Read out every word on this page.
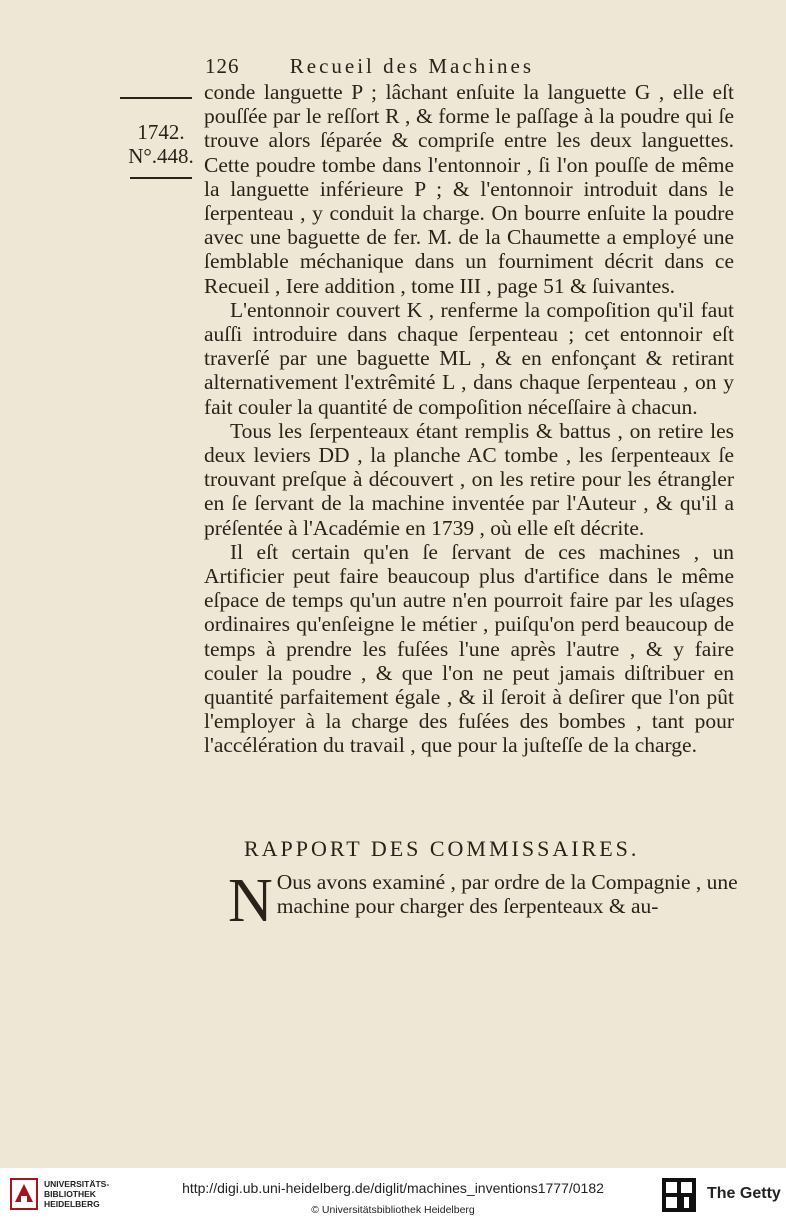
126 Recueil des Machines
1742.
N°.448.

conde languette P ; lâchant enſuite la languette G , elle eſt pouſſée par le reſſort R , & forme le paſſage à la poudre qui ſe trouve alors ſéparée & compriſe entre les deux languettes. Cette poudre tombe dans l'entonnoir , ſi l'on pouſſe de même la languette inférieure P ; & l'entonnoir introduit dans le ſerpenteau , y conduit la charge. On bourre enſuite la poudre avec une baguette de fer. M. de la Chaumette a employé une ſemblable méchanique dans un fourniment décrit dans ce Recueil , Iere addition , tome III , page 51 & ſuivantes.

L'entonnoir couvert K , renferme la compoſition qu'il faut auſſi introduire dans chaque ſerpenteau ; cet entonnoir eſt traverſé par une baguette ML , & en enfonçant & retirant alternativement l'extrêmité L , dans chaque ſerpenteau , on y fait couler la quantité de compoſition néceſſaire à chacun.

Tous les ſerpenteaux étant remplis & battus , on retire les deux leviers DD , la planche AC tombe , les ſerpenteaux ſe trouvant preſque à découvert , on les retire pour les étrangler en ſe ſervant de la machine inventée par l'Auteur , & qu'il a préſentée à l'Académie en 1739 , où elle eſt décrite.

Il eſt certain qu'en ſe ſervant de ces machines , un Artificier peut faire beaucoup plus d'artifice dans le même eſpace de temps qu'un autre n'en pourroit faire par les uſages ordinaires qu'enſeigne le métier , puiſqu'on perd beaucoup de temps à prendre les fuſées l'une après l'autre , & y faire couler la poudre , & que l'on ne peut jamais diſtribuer en quantité parfaitement égale , & il ſeroit à deſirer que l'on pût l'employer à la charge des fuſées des bombes , tant pour l'accélération du travail , que pour la juſteſſe de la charge.

RAPPORT DES COMMISSAIRES.
N Ous avons examiné , par ordre de la Compagnie , une machine pour charger des ſerpenteaux & au-
UNIVERSITÄTS-
BIBLIOTHEK
HEIDELBERG
http://digi.ub.uni-heidelberg.de/diglit/machines_inventions1777/0182
© Universitätsbibliothek Heidelberg
The Getty
